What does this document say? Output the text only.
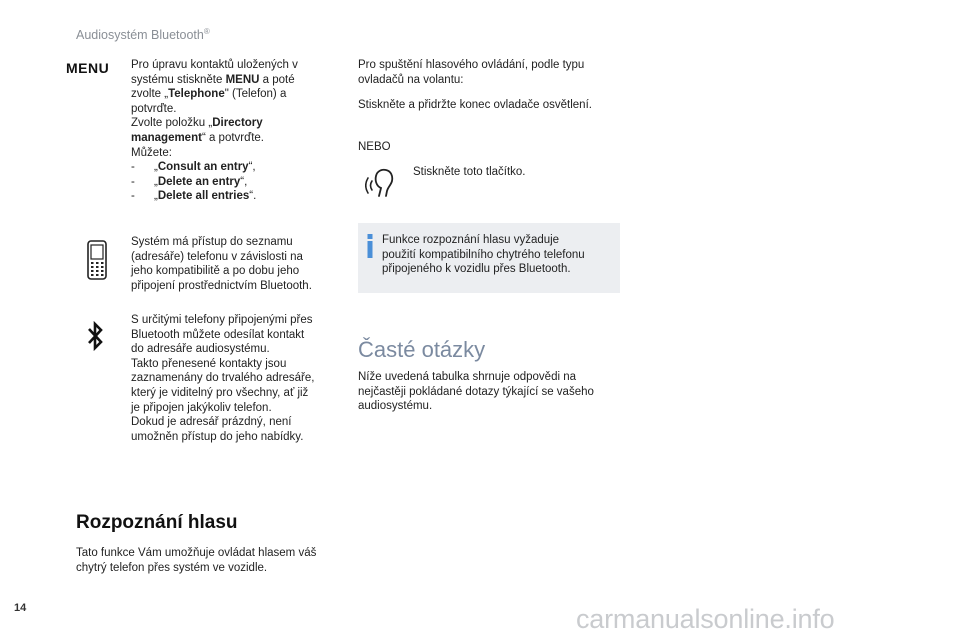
Audiosystém Bluetooth®
MENU Pro úpravu kontaktů uložených v
systému stiskněte MENU a poté
zvolte „Telephone" (Telefon) a
potvrďte.
Zvolte položku „Directory
management“ a potvrďte.
Můžete:
-      „Consult an entry“,
-      „Delete an entry“,
-      „Delete all entries“.
Systém má přístup do seznamu
(adresáře) telefonu v závislosti na
jeho kompatibilitě a po dobu jeho
připojení prostřednictvím Bluetooth.
S určitými telefony připojenými přes
Bluetooth můžete odesílat kontakt
do adresáře audiosystému.
Takto přenesené kontakty jsou
zaznamenány do trvalého adresáře,
který je viditelný pro všechny, ať již
je připojen jakýkoliv telefon.
Dokud je adresář prázdný, není
umožněn přístup do jeho nabídky.
Rozpoznání hlasu
Tato funkce Vám umožňuje ovládat hlasem váš
chytrý telefon přes systém ve vozidle.
Pro spuštění hlasového ovládání, podle typu
ovladačů na volantu:
Stiskněte a přidržte konec ovladače osvětlení.
NEBO
Stiskněte toto tlačítko.
Funkce rozpoznání hlasu vyžaduje
použití kompatibilního chytrého telefonu
připojeného k vozidlu přes Bluetooth.
Časté otázky
Níže uvedená tabulka shrnuje odpovědi na
nejčastěji pokládané dotazy týkající se vašeho
audiosystému.
14	carmanualsonline.info
